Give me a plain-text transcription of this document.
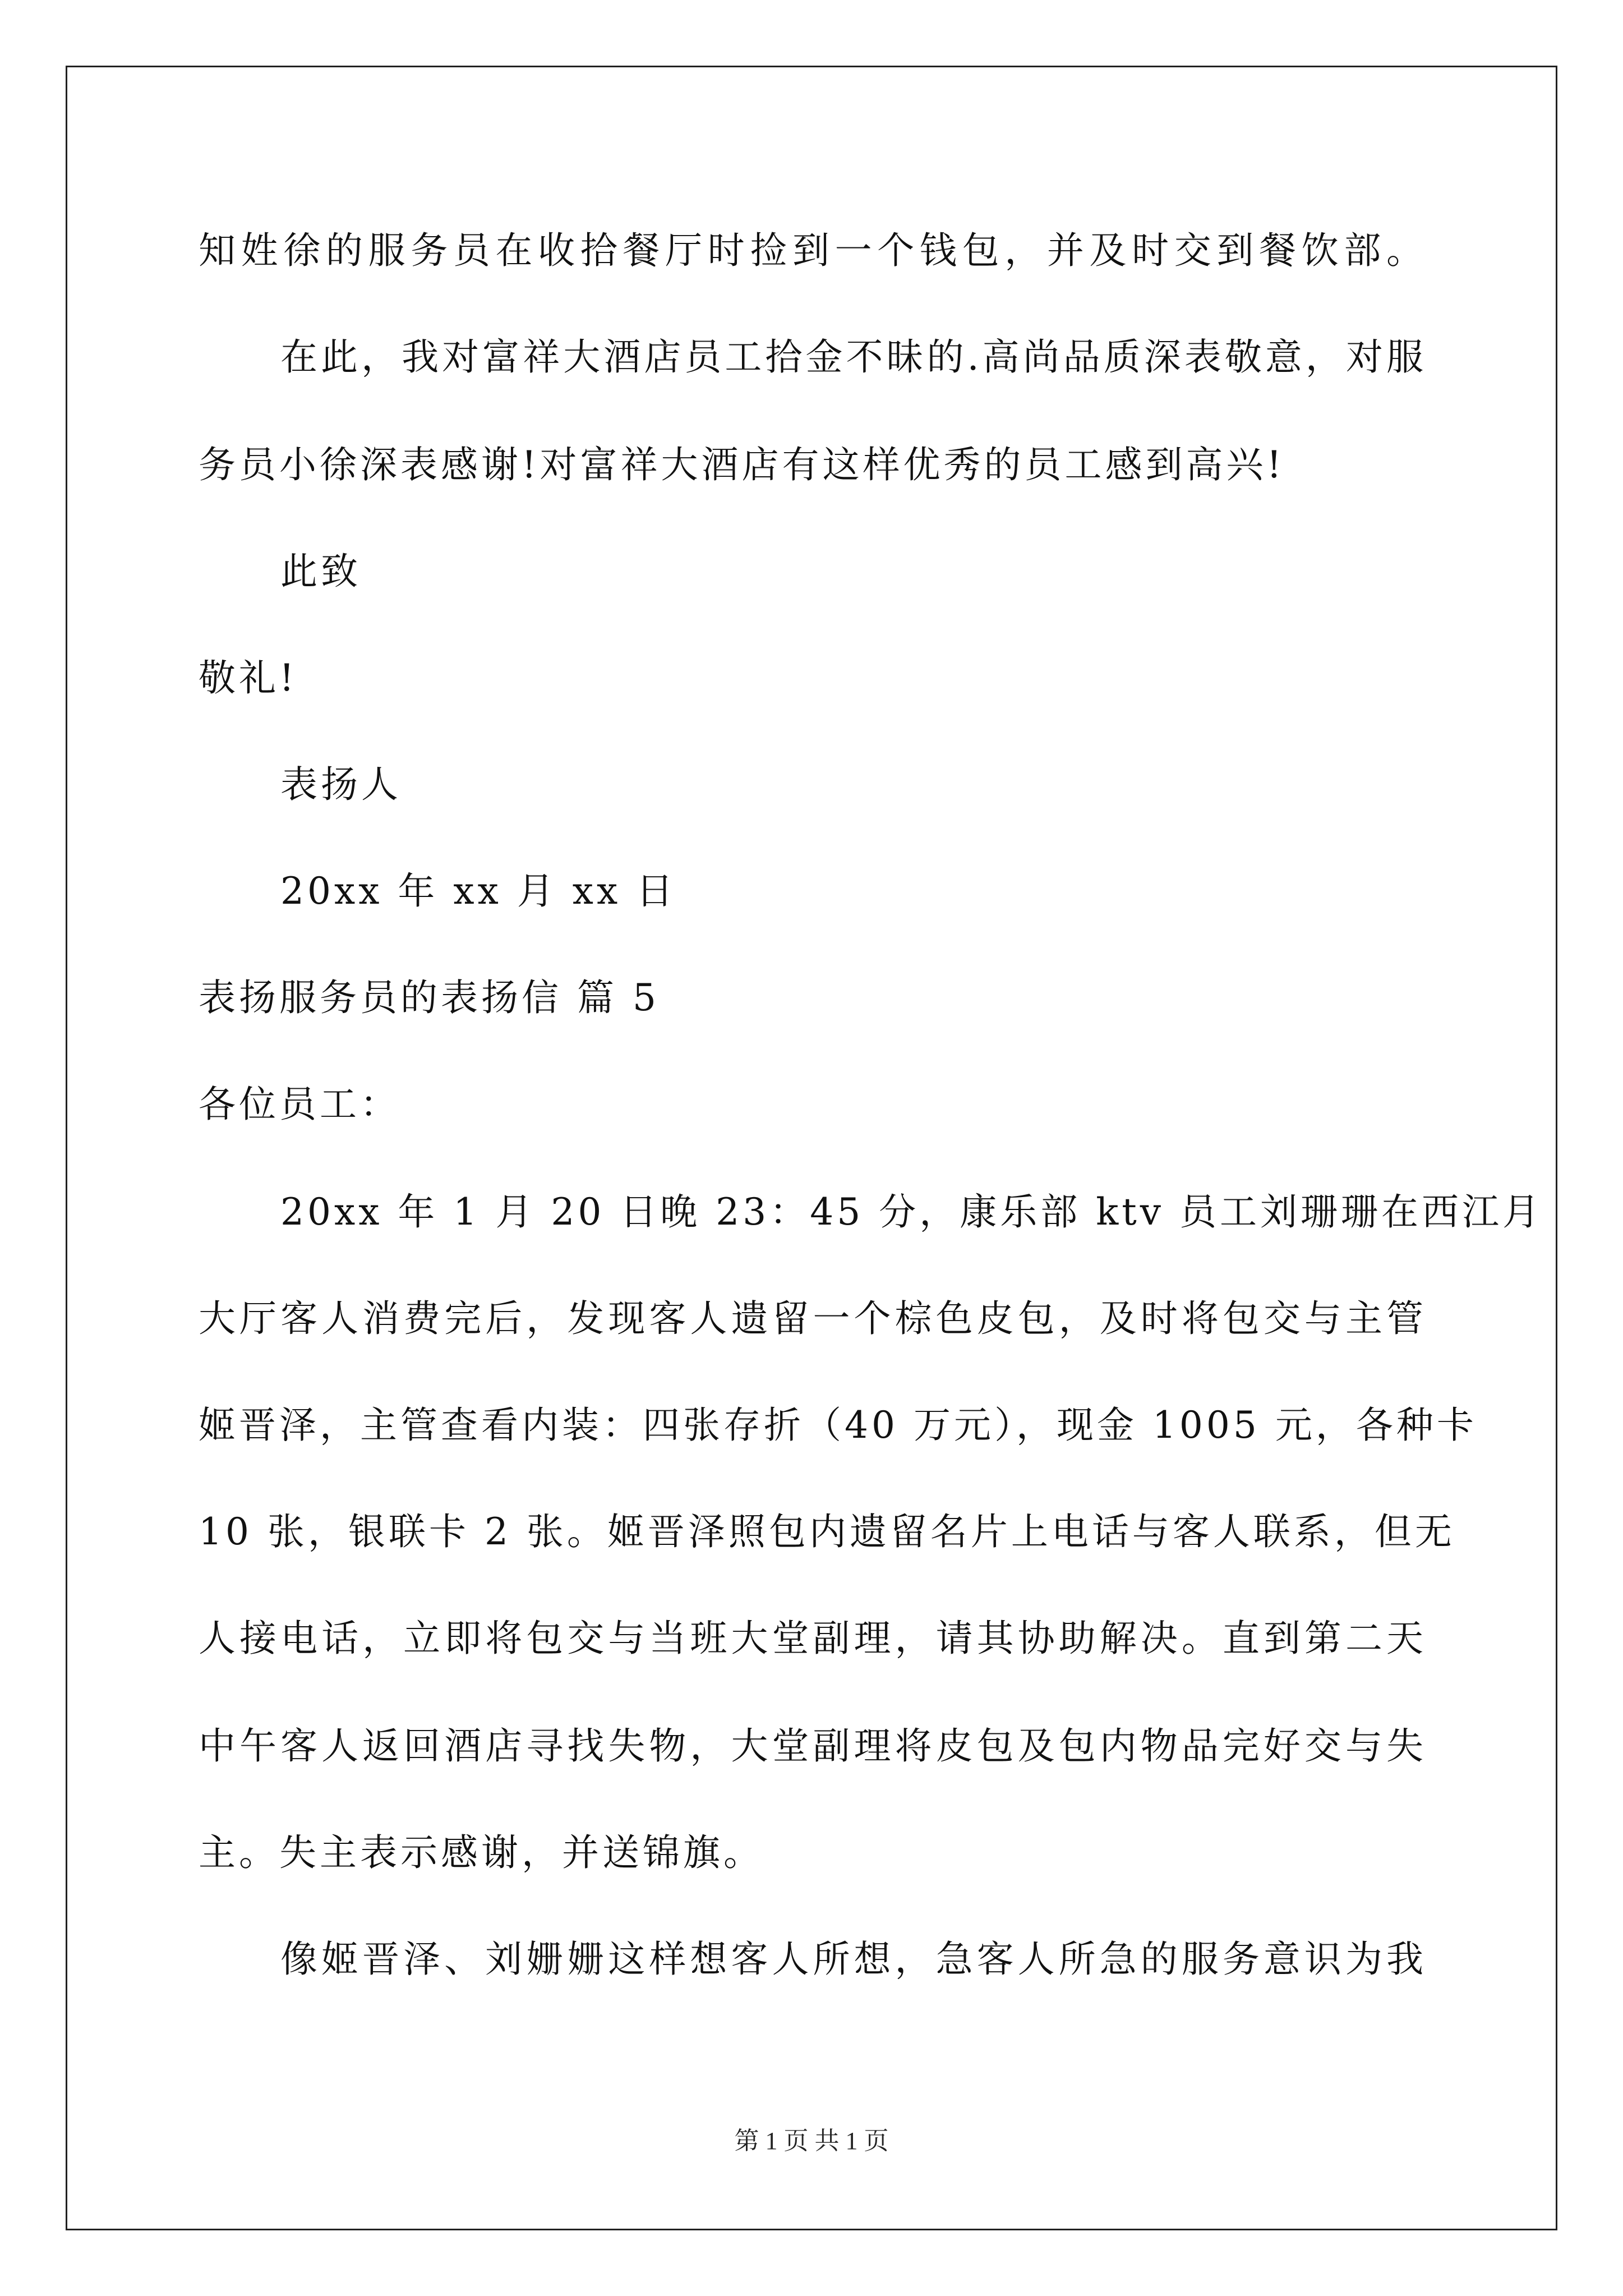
知姓徐的服务员在收拾餐厅时捡到一个钱包，并及时交到餐饮部。
在此，我对富祥大酒店员工拾金不昧的.高尚品质深表敬意，对服
务员小徐深表感谢!对富祥大酒店有这样优秀的员工感到高兴!
此致
敬礼!
表扬人
20xx 年 xx 月 xx 日
表扬服务员的表扬信 篇 5
各位员工：
20xx 年 1 月 20 日晚 23：45 分，康乐部 ktv 员工刘珊珊在西江月
大厅客人消费完后，发现客人遗留一个棕色皮包，及时将包交与主管
姬晋泽，主管查看内装：四张存折（40 万元），现金 1005 元，各种卡
10 张，银联卡 2 张。姬晋泽照包内遗留名片上电话与客人联系，但无
人接电话，立即将包交与当班大堂副理，请其协助解决。直到第二天
中午客人返回酒店寻找失物，大堂副理将皮包及包内物品完好交与失
主。失主表示感谢，并送锦旗。
像姬晋泽、刘姗姗这样想客人所想，急客人所急的服务意识为我
第 1 页 共 1 页
